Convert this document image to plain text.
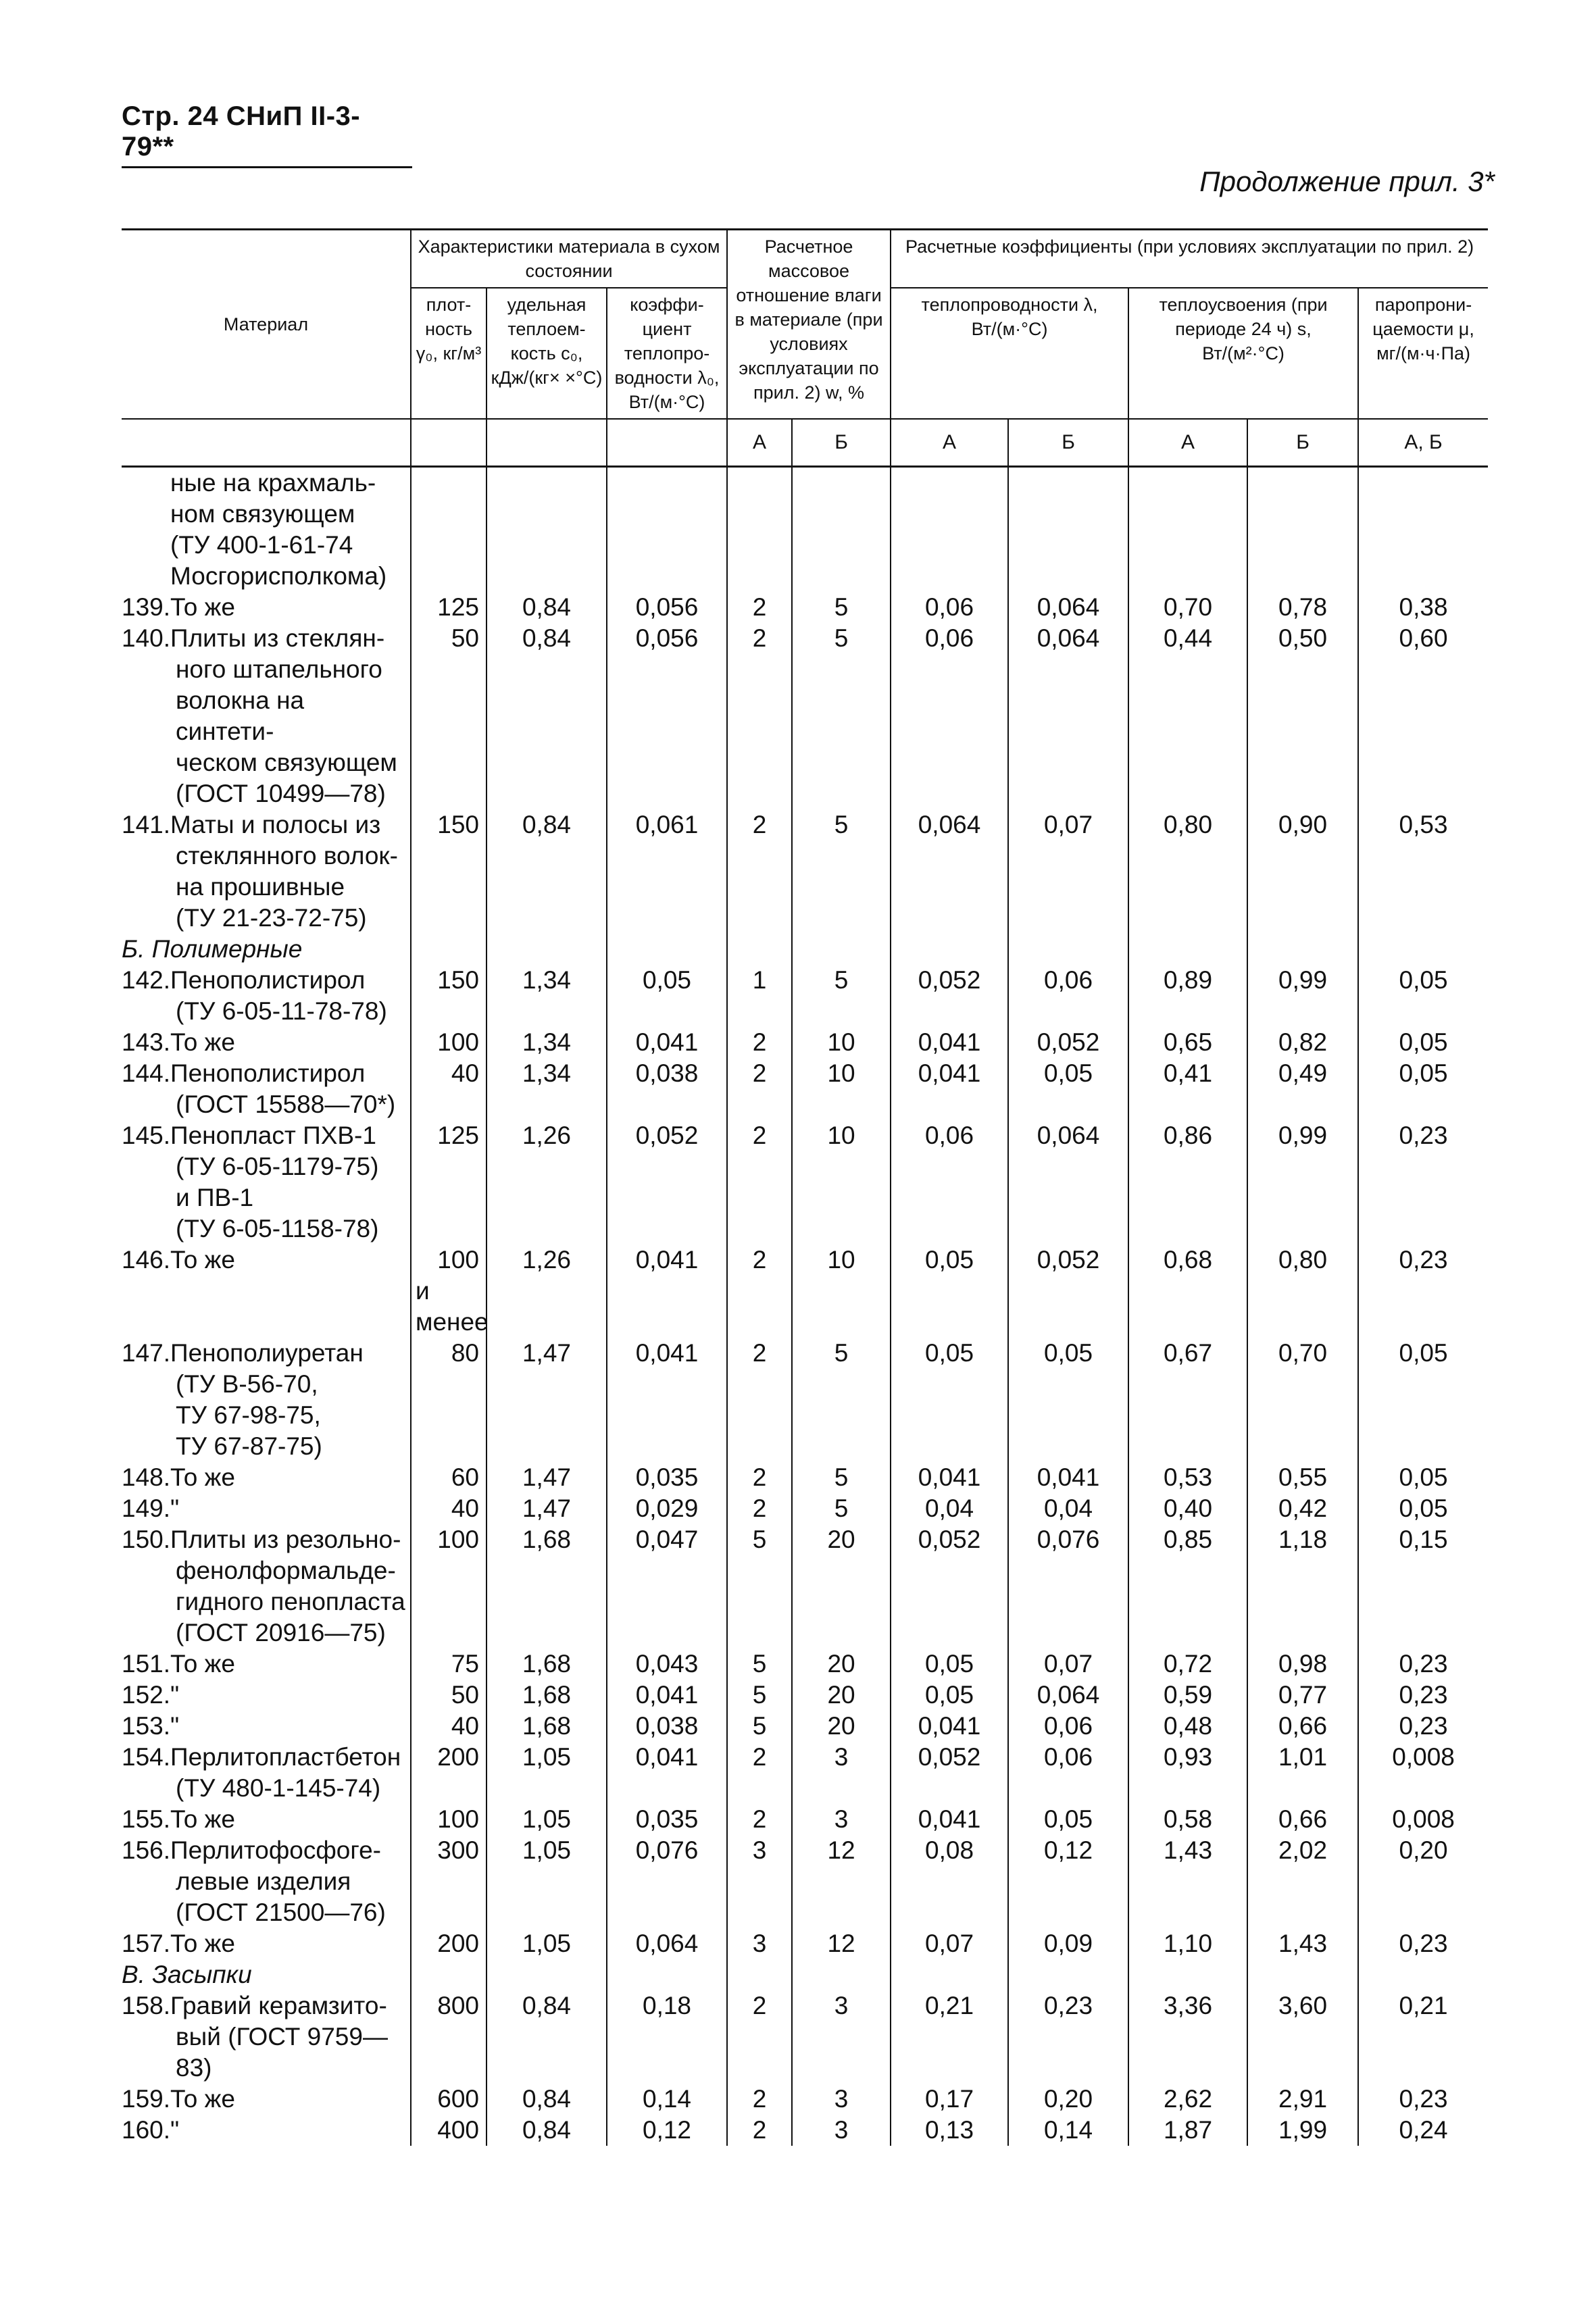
Стр. 24 СНиП II-3-79**
Продолжение прил. 3*
Материал	Характеристики материала в сухом состоянии			Расчетное массовое отношение влаги в материале (при условиях эксплуатации по прил. 2) w, %		Расчетные коэффициенты (при условиях эксплуатации по прил. 2)				
	плот-ность γ₀, кг/м³	удельная теплоем-кость c₀, кДж/(кг× ×°С)	коэффи-циент теплопро-водности λ₀, Вт/(м·°С)			теплопроводности λ, Вт/(м·°С)		теплоусвоения (при периоде 24 ч) s, Вт/(м²·°С)		паропрони-цаемости μ, мг/(м·ч·Па)
				А	Б	А	Б	А	Б	А, Б

ные на крахмаль-
ном связующем
(ТУ 400-1-61-74
Мосгорисполкома)										

139.То же	125	0,84	0,056	2	5	0,06	0,064	0,70	0,78	0,38

140.Плиты из стеклян-
ного штапельного
волокна на синтети-
ческом связующем
(ГОСТ 10499—78)	50	0,84	0,056	2	5	0,06	0,064	0,44	0,50	0,60

141.Маты и полосы из
стеклянного волок-
на прошивные
(ТУ 21-23-72-75)	150	0,84	0,061	2	5	0,064	0,07	0,80	0,90	0,53
Б. Полимерные										

142.Пенополистирол
(ТУ 6-05-11-78-78)	150	1,34	0,05	1	5	0,052	0,06	0,89	0,99	0,05

143.То же	100	1,34	0,041	2	10	0,041	0,052	0,65	0,82	0,05

144.Пенополистирол
(ГОСТ 15588—70*)	40	1,34	0,038	2	10	0,041	0,05	0,41	0,49	0,05

145.Пенопласт ПХВ-1
(ТУ 6-05-1179-75)
и ПВ-1
(ТУ 6-05-1158-78)	125	1,26	0,052	2	10	0,06	0,064	0,86	0,99	0,23

146.То же	100
и
менее	1,26	0,041	2	10	0,05	0,052	0,68	0,80	0,23

147.Пенополиуретан
(ТУ В-56-70,
ТУ 67-98-75,
ТУ 67-87-75)	80	1,47	0,041	2	5	0,05	0,05	0,67	0,70	0,05

148.То же	60	1,47	0,035	2	5	0,041	0,041	0,53	0,55	0,05

149."	40	1,47	0,029	2	5	0,04	0,04	0,40	0,42	0,05

150.Плиты из резольно-
фенолформальде-
гидного пенопласта
(ГОСТ 20916—75)	100	1,68	0,047	5	20	0,052	0,076	0,85	1,18	0,15

151.То же	75	1,68	0,043	5	20	0,05	0,07	0,72	0,98	0,23

152."	50	1,68	0,041	5	20	0,05	0,064	0,59	0,77	0,23

153."	40	1,68	0,038	5	20	0,041	0,06	0,48	0,66	0,23

154.Перлитопластбетон
(ТУ 480-1-145-74)	200	1,05	0,041	2	3	0,052	0,06	0,93	1,01	0,008

155.То же	100	1,05	0,035	2	3	0,041	0,05	0,58	0,66	0,008

156.Перлитофосфоге-
левые изделия
(ГОСТ 21500—76)	300	1,05	0,076	3	12	0,08	0,12	1,43	2,02	0,20

157.То же	200	1,05	0,064	3	12	0,07	0,09	1,10	1,43	0,23
В. Засыпки										

158.Гравий керамзито-
вый (ГОСТ 9759—83)	800	0,84	0,18	2	3	0,21	0,23	3,36	3,60	0,21

159.То же	600	0,84	0,14	2	3	0,17	0,20	2,62	2,91	0,23

160."	400	0,84	0,12	2	3	0,13	0,14	1,87	1,99	0,24
